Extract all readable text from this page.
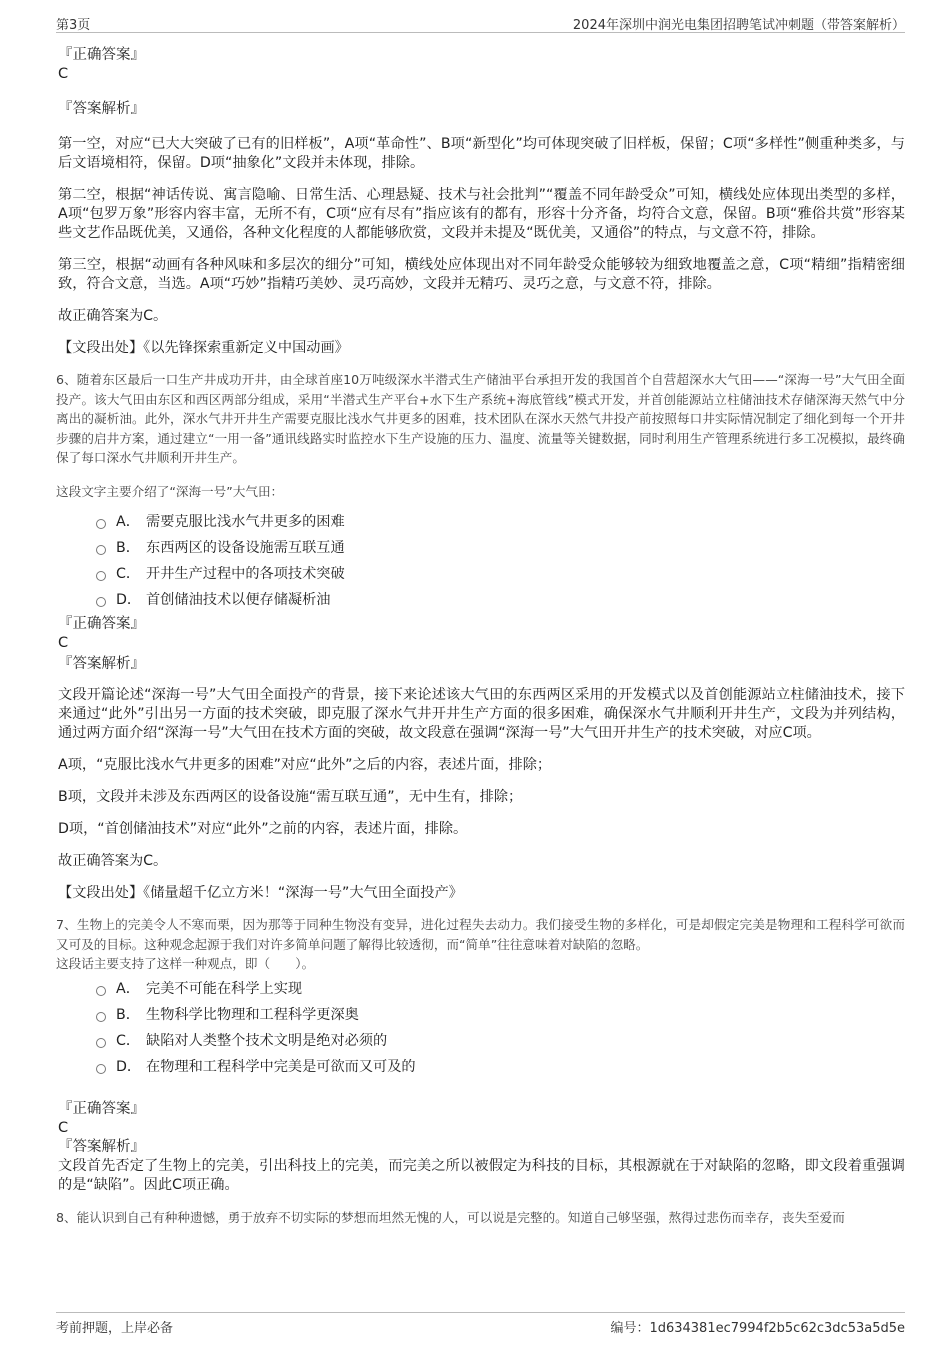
第3页	2024年深圳中润光电集团招聘笔试冲刺题（带答案解析）

『正确答案』

C

『答案解析』

第一空，对应“已大大突破了已有的旧样板”，A项“革命性”、B项“新型化”均可体现突破了旧样板，保留；C项“多样性”侧重种类多，与后文语境相符，保留。D项“抽象化”文段并未体现，排除。

第二空，根据“神话传说、寓言隐喻、日常生活、心理悬疑、技术与社会批判”“覆盖不同年龄受众”可知，横线处应体现出类型的多样，A项“包罗万象”形容内容丰富，无所不有，C项“应有尽有”指应该有的都有，形容十分齐备，均符合文意，保留。B项“雅俗共赏”形容某些文艺作品既优美，又通俗，各种文化程度的人都能够欣赏，文段并未提及“既优美，又通俗”的特点，与文意不符，排除。

第三空，根据“动画有各种风味和多层次的细分”可知，横线处应体现出对不同年龄受众能够较为细致地覆盖之意，C项“精细”指精密细致，符合文意，当选。A项“巧妙”指精巧美妙、灵巧高妙，文段并无精巧、灵巧之意，与文意不符，排除。

故正确答案为C。

【文段出处】《以先锋探索重新定义中国动画》

6、随着东区最后一口生产井成功开井，由全球首座10万吨级深水半潜式生产储油平台承担开发的我国首个自营超深水大气田——“深海一号”大气田全面投产。该大气田由东区和西区两部分组成，采用“半潜式生产平台+水下生产系统+海底管线”模式开发，并首创能源站立柱储油技术存储深海天然气中分离出的凝析油。此外，深水气井开井生产需要克服比浅水气井更多的困难，技术团队在深水天然气井投产前按照每口井实际情况制定了细化到每一个开井步骤的启井方案，通过建立“一用一备”通讯线路实时监控水下生产设施的压力、温度、流量等关键数据，同时利用生产管理系统进行多工况模拟，最终确保了每口深水气井顺利开井生产。

这段文字主要介绍了“深海一号”大气田：

A． 需要克服比浅水气井更多的困难
B． 东西两区的设备设施需互联互通
C． 开井生产过程中的各项技术突破
D． 首创储油技术以便存储凝析油

『正确答案』

C

『答案解析』

文段开篇论述“深海一号”大气田全面投产的背景，接下来论述该大气田的东西两区采用的开发模式以及首创能源站立柱储油技术，接下来通过“此外”引出另一方面的技术突破，即克服了深水气井开井生产方面的很多困难，确保深水气井顺利开井生产，文段为并列结构，通过两方面介绍“深海一号”大气田在技术方面的突破，故文段意在强调“深海一号”大气田开井生产的技术突破，对应C项。

A项，“克服比浅水气井更多的困难”对应“此外”之后的内容，表述片面，排除；

B项，文段并未涉及东西两区的设备设施“需互联互通”，无中生有，排除；

D项，“首创储油技术”对应“此外”之前的内容，表述片面，排除。

故正确答案为C。

【文段出处】《储量超千亿立方米！“深海一号”大气田全面投产》

7、生物上的完美令人不寒而栗，因为那等于同种生物没有变异，进化过程失去动力。我们接受生物的多样化，可是却假定完美是物理和工程科学可欲而又可及的目标。这种观念起源于我们对许多简单问题了解得比较透彻，而“简单”往往意味着对缺陷的忽略。

这段话主要支持了这样一种观点，即（　　）。

A． 完美不可能在科学上实现
B． 生物科学比物理和工程科学更深奥
C． 缺陷对人类整个技术文明是绝对必须的
D． 在物理和工程科学中完美是可欲而又可及的

『正确答案』

C

『答案解析』

文段首先否定了生物上的完美，引出科技上的完美，而完美之所以被假定为科技的目标，其根源就在于对缺陷的忽略，即文段着重强调的是“缺陷”。因此C项正确。

8、能认识到自己有种种遗憾，勇于放弃不切实际的梦想而坦然无愧的人，可以说是完整的。知道自己够坚强，熬得过悲伤而幸存，丧失至爱而

考前押题，上岸必备	编号：1d634381ec7994f2b5c62c3dc53a5d5e
